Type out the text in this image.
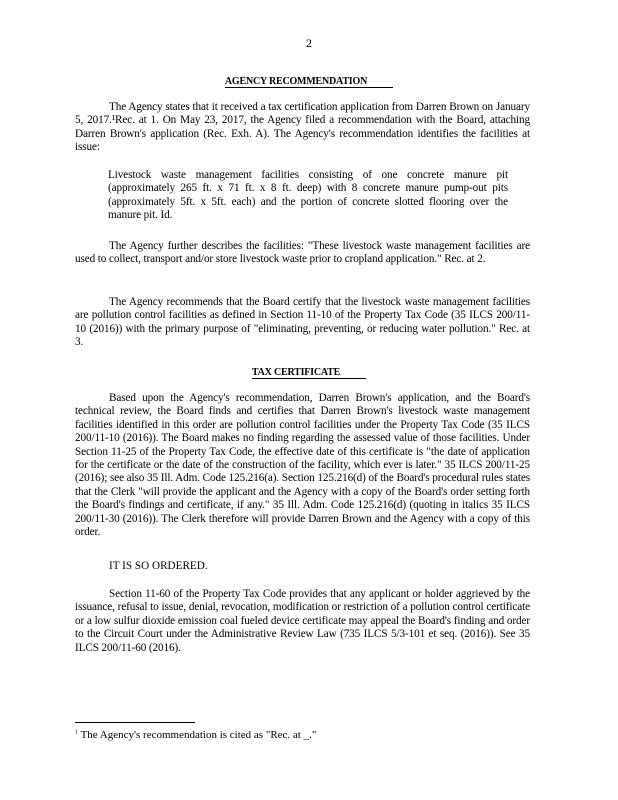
2
AGENCY RECOMMENDATION
The Agency states that it received a tax certification application from Darren Brown on January 5, 2017.¹Rec. at 1. On May 23, 2017, the Agency filed a recommendation with the Board, attaching Darren Brown's application (Rec. Exh. A). The Agency's recommendation identifies the facilities at issue:
Livestock waste management facilities consisting of one concrete manure pit (approximately 265 ft. x 71 ft. x 8 ft. deep) with 8 concrete manure pump-out pits (approximately 5ft. x 5ft. each) and the portion of concrete slotted flooring over the manure pit. Id.
The Agency further describes the facilities: "These livestock waste management facilities are used to collect, transport and/or store livestock waste prior to cropland application." Rec. at 2.
The Agency recommends that the Board certify that the livestock waste management facilities are pollution control facilities as defined in Section 11-10 of the Property Tax Code (35 ILCS 200/11-10 (2016)) with the primary purpose of "eliminating, preventing, or reducing water pollution." Rec. at 3.
TAX CERTIFICATE
Based upon the Agency's recommendation, Darren Brown's application, and the Board's technical review, the Board finds and certifies that Darren Brown's livestock waste management facilities identified in this order are pollution control facilities under the Property Tax Code (35 ILCS 200/11-10 (2016)). The Board makes no finding regarding the assessed value of those facilities. Under Section 11-25 of the Property Tax Code, the effective date of this certificate is "the date of application for the certificate or the date of the construction of the facility, which ever is later." 35 ILCS 200/11-25 (2016); see also 35 Ill. Adm. Code 125.216(a). Section 125.216(d) of the Board's procedural rules states that the Clerk "will provide the applicant and the Agency with a copy of the Board's order setting forth the Board's findings and certificate, if any." 35 Ill. Adm. Code 125.216(d) (quoting in italics 35 ILCS 200/11-30 (2016)). The Clerk therefore will provide Darren Brown and the Agency with a copy of this order.
IT IS SO ORDERED.
Section 11-60 of the Property Tax Code provides that any applicant or holder aggrieved by the issuance, refusal to issue, denial, revocation, modification or restriction of a pollution control certificate or a low sulfur dioxide emission coal fueled device certificate may appeal the Board's finding and order to the Circuit Court under the Administrative Review Law (735 ILCS 5/3-101 et seq. (2016)). See 35 ILCS 200/11-60 (2016).
$^1$ The Agency's recommendation is cited as "Rec. at _."
